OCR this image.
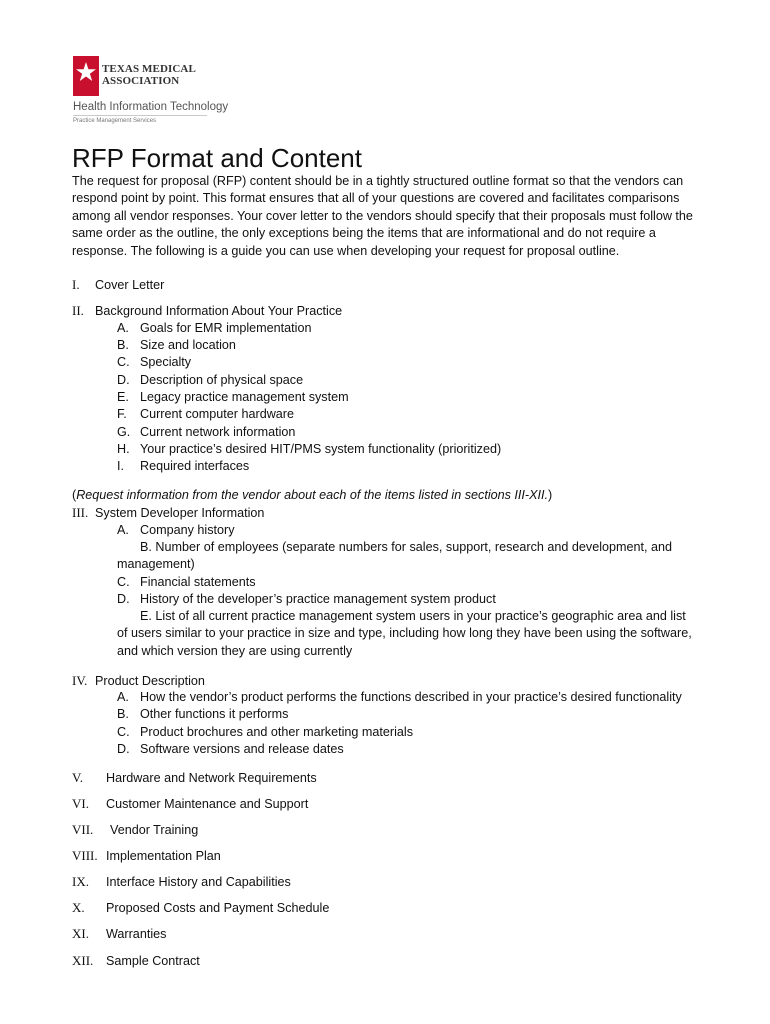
TEXAS MEDICAL
ASSOCIATION
Health Information Technology
Practice Management Services
RFP Format and Content
The request for proposal (RFP) content should be in a tightly structured outline format so that the vendors can respond point by point. This format ensures that all of your questions are covered and facilitates comparisons among all vendor responses. Your cover letter to the vendors should specify that their proposals must follow the same order as the outline, the only exceptions being the items that are informational and do not require a response. The following is a guide you can use when developing your request for proposal outline.
I. Cover Letter
II. Background Information About Your Practice
A. Goals for EMR implementation
B. Size and location
C. Specialty
D. Description of physical space
E. Legacy practice management system
F. Current computer hardware
G. Current network information
H. Your practice’s desired HIT/PMS system functionality (prioritized)
I. Required interfaces
(Request information from the vendor about each of the items listed in sections III-XII.)
III. System Developer Information
A. Company history
B. Number of employees (separate numbers for sales, support, research and development, and management)
C. Financial statements
D. History of the developer’s practice management system product
E. List of all current practice management system users in your practice’s geographic area and list of users similar to your practice in size and type, including how long they have been using the software, and which version they are using currently
IV. Product Description
A. How the vendor’s product performs the functions described in your practice’s desired functionality
B. Other functions it performs
C. Product brochures and other marketing materials
D. Software versions and release dates
V. Hardware and Network Requirements
VI. Customer Maintenance and Support
VII. Vendor Training
VIII. Implementation Plan
IX. Interface History and Capabilities
X. Proposed Costs and Payment Schedule
XI. Warranties
XII. Sample Contract
